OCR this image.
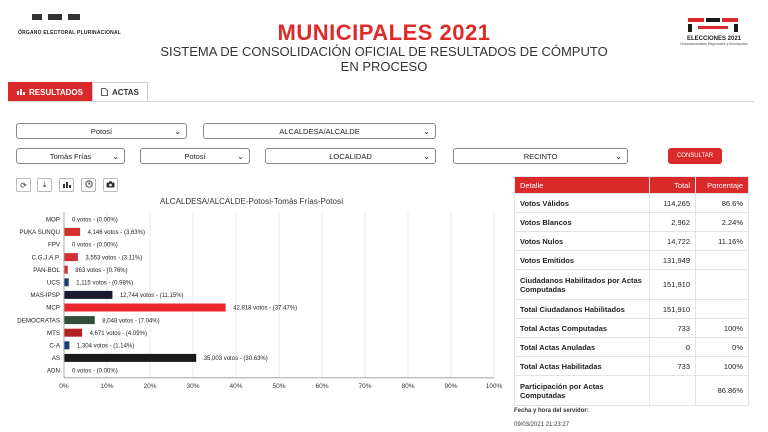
ÓRGANO ELECTORAL PLURINACIONAL	MUNICIPALES 2021
SISTEMA DE CONSOLIDACIÓN OFICIAL DE RESULTADOS DE CÓMPUTO EN PROCESO
ELECCIONES 2021
Departamentales Regionales y Municipales
RESULTADOS	ACTAS
Potosí	⌄	ALCALDESA/ALCALDE	⌄
Tomás Frías	⌄	Potosí	⌄	LOCALIDAD	⌄	RECINTO	⌄	CONSULTAR
⟳ ⤓
ALCALDESA/ALCALDE-Potosí-Tomás Frías-Potosí
0%	10%	20%	30%	40%	50%	60%	70%	80%	90%	100%
MOP 0 votos - (0.00%)
PUKA SUNQU	4,146 votos - (3.63%)
FPV 0 votos - (0.00%)
C.G.J.A.P.	3,553 votos - (3.11%)
PAN-BOL	863 votos - (0.76%)
UCS	1,115 votos - (0.98%)
MAS-IPSP	12,744 votos - (11.15%)
MCP	42,818 votos - (37.47%)
DEMOCRATAS	8,048 votos - (7.04%)
MTS	4,671 votos - (4.09%)
C-A	1,304 votos - (1.14%)
AS	35,003 votos - (30.63%)
ADN 0 votos - (0.00%)
Detalle	Total	Porcentaje
Votos Válidos	114,265	86.6%
Votos Blancos	2,962	2.24%
Votos Nulos	14,722	11.16%
Votos Emitidos	131,949	
Ciudadanos Habilitados por Actas Computadas	151,910	
Total Ciudadanos Habilitados	151,910	
Total Actas Computadas	733	100%
Total Actas Anuladas	0	0%
Total Actas Habilitadas	733	100%
Participación por Actas Computadas		86.86%
Fecha y hora del servidor:
09/03/2021 21:23:27
